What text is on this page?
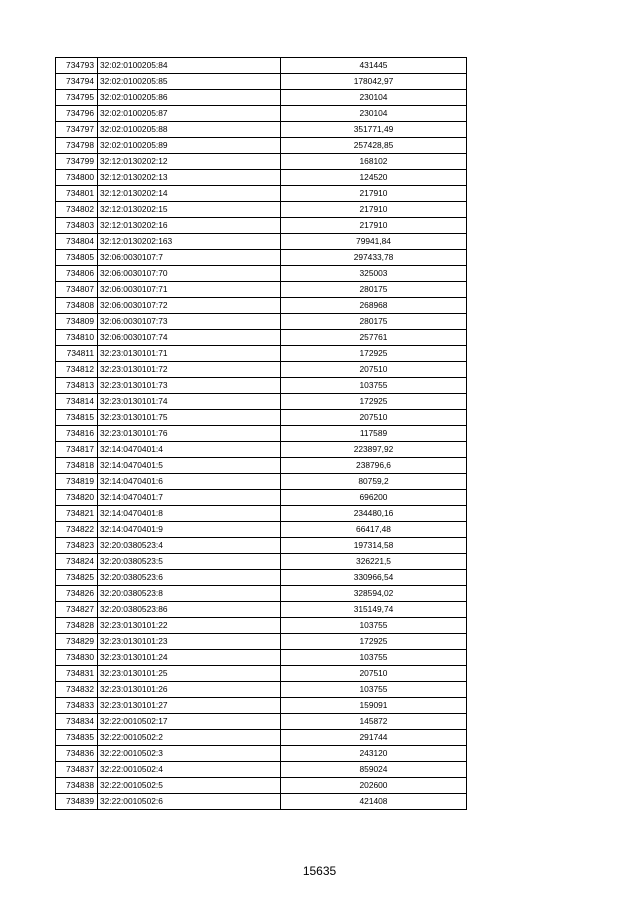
734793	32:02:0100205:84	431445
734794	32:02:0100205:85	178042,97
734795	32:02:0100205:86	230104
734796	32:02:0100205:87	230104
734797	32:02:0100205:88	351771,49
734798	32:02:0100205:89	257428,85
734799	32:12:0130202:12	168102
734800	32:12:0130202:13	124520
734801	32:12:0130202:14	217910
734802	32:12:0130202:15	217910
734803	32:12:0130202:16	217910
734804	32:12:0130202:163	79941,84
734805	32:06:0030107:7	297433,78
734806	32:06:0030107:70	325003
734807	32:06:0030107:71	280175
734808	32:06:0030107:72	268968
734809	32:06:0030107:73	280175
734810	32:06:0030107:74	257761
734811	32:23:0130101:71	172925
734812	32:23:0130101:72	207510
734813	32:23:0130101:73	103755
734814	32:23:0130101:74	172925
734815	32:23:0130101:75	207510
734816	32:23:0130101:76	117589
734817	32:14:0470401:4	223897,92
734818	32:14:0470401:5	238796,6
734819	32:14:0470401:6	80759,2
734820	32:14:0470401:7	696200
734821	32:14:0470401:8	234480,16
734822	32:14:0470401:9	66417,48
734823	32:20:0380523:4	197314,58
734824	32:20:0380523:5	326221,5
734825	32:20:0380523:6	330966,54
734826	32:20:0380523:8	328594,02
734827	32:20:0380523:86	315149,74
734828	32:23:0130101:22	103755
734829	32:23:0130101:23	172925
734830	32:23:0130101:24	103755
734831	32:23:0130101:25	207510
734832	32:23:0130101:26	103755
734833	32:23:0130101:27	159091
734834	32:22:0010502:17	145872
734835	32:22:0010502:2	291744
734836	32:22:0010502:3	243120
734837	32:22:0010502:4	859024
734838	32:22:0010502:5	202600
734839	32:22:0010502:6	421408
15635
